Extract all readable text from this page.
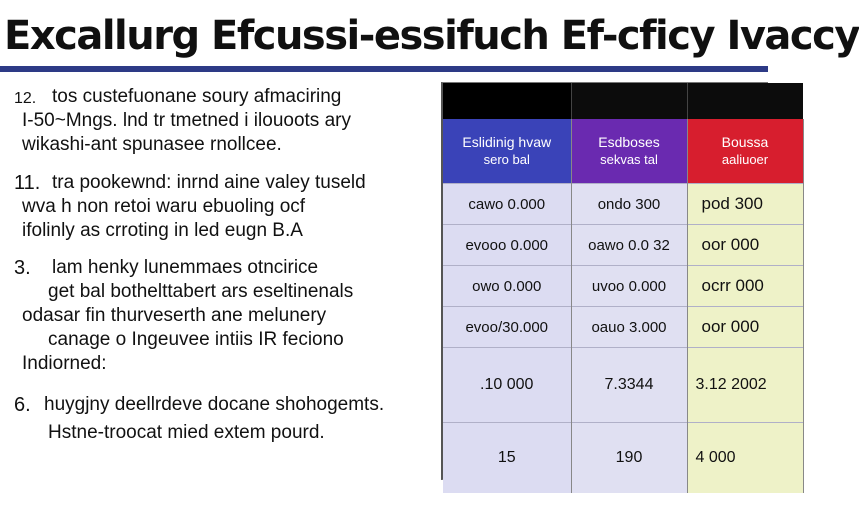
Excallurg Efcussi-essifuch Ef-cficy Ivaccy
12. tos custefuonane soury afmaciring
I-50~Mngs. lnd tr tmetned i ilouoots ary
wikashi-ant spunasee rnollcee.
11. tra pookewnd: inrnd aine valey tuseld
wva h non retoi waru ebuoling ocf
ifolinly as crroting in led eugn B.A
3. lam henky lunemmaes otncirice
get bal bothelttabert ars eseltinenals
odasar fin thurveserth ane melunery
canage o Ingeuvee intiis IR feciono
Indiorned:
6. huygjny deellrdeve docane shohogemts.
Hstne-troocat mied extem pourd.

Eslidinig hvaw
sero bal	Esdboses
sekvas tal	Boussa
aaliuoer

cawo 0.000	ondo 300	pod 300
evooo 0.000	oawo 0.0 32	oor 000
owo 0.000	uvoo 0.000	ocrr 000
evoo/30.000	oauo 3.000	oor 000
.10 000	7.3344	3.12 2002
15	190	4 000
